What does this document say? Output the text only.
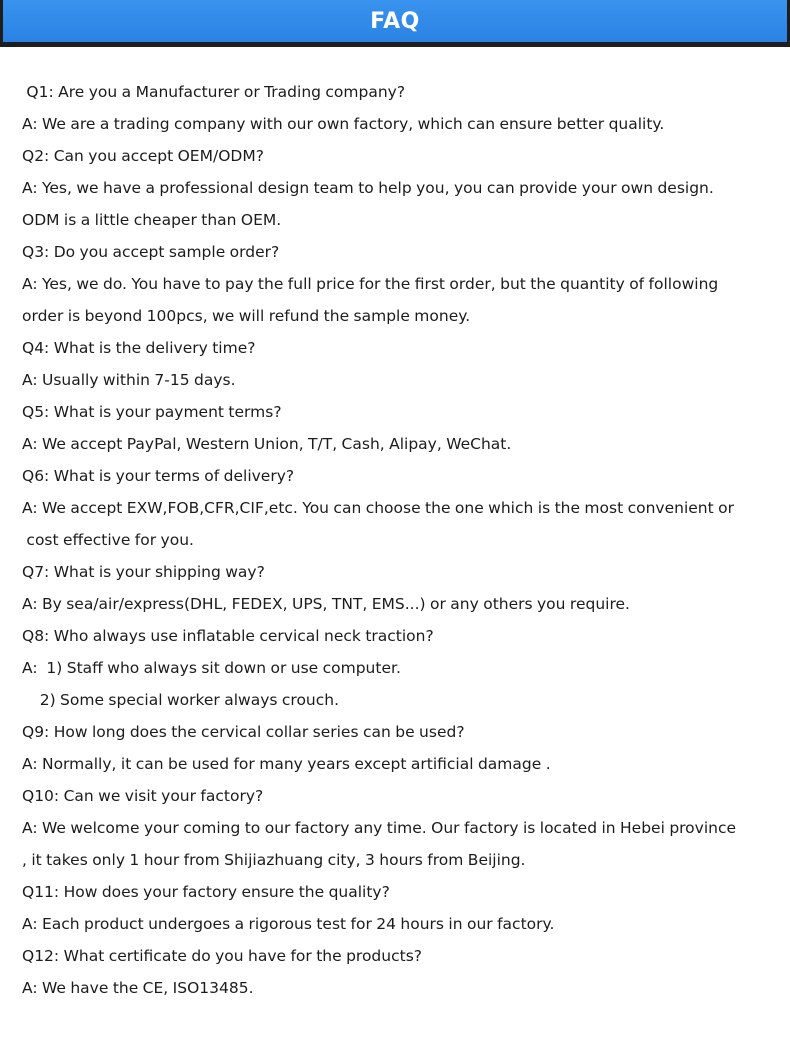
FAQ
Q1: Are you a Manufacturer or Trading company?
A: We are a trading company with our own factory, which can ensure better quality.
Q2: Can you accept OEM/ODM?
A: Yes, we have a professional design team to help you, you can provide your own design.
ODM is a little cheaper than OEM.
Q3: Do you accept sample order?
A: Yes, we do. You have to pay the full price for the first order, but the quantity of following
order is beyond 100pcs, we will refund the sample money.
Q4: What is the delivery time?
A: Usually within 7-15 days.
Q5: What is your payment terms?
A: We accept PayPal, Western Union, T/T, Cash, Alipay, WeChat.
Q6: What is your terms of delivery?
A: We accept EXW,FOB,CFR,CIF,etc. You can choose the one which is the most convenient or
cost effective for you.
Q7: What is your shipping way?
A: By sea/air/express(DHL, FEDEX, UPS, TNT, EMS...) or any others you require.
Q8: Who always use inflatable cervical neck traction?
A:  1) Staff who always sit down or use computer.
2) Some special worker always crouch.
Q9: How long does the cervical collar series can be used?
A: Normally, it can be used for many years except artificial damage .
Q10: Can we visit your factory?
A: We welcome your coming to our factory any time. Our factory is located in Hebei province
, it takes only 1 hour from Shijiazhuang city, 3 hours from Beijing.
Q11: How does your factory ensure the quality?
A: Each product undergoes a rigorous test for 24 hours in our factory.
Q12: What certificate do you have for the products?
A: We have the CE, ISO13485.
